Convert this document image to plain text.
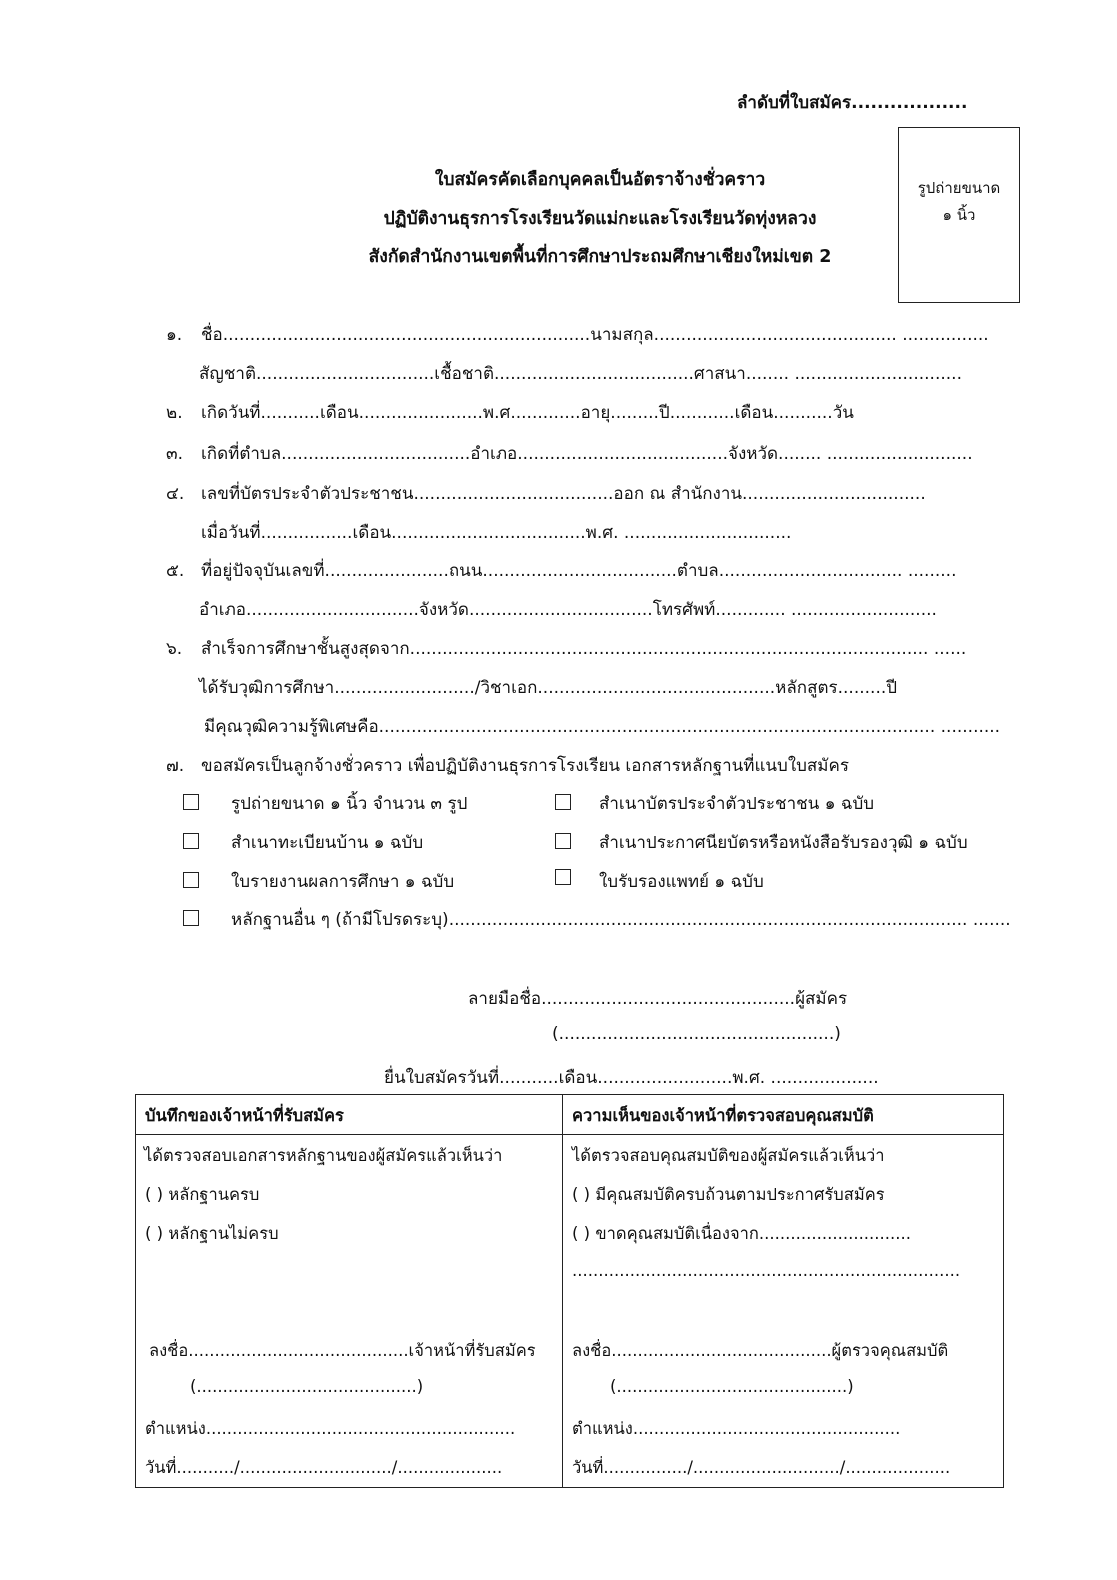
ลำดับที่ใบสมัคร..................
ใบสมัครคัดเลือกบุคคลเป็นอัตราจ้างชั่วคราว
ปฏิบัติงานธุรการโรงเรียนวัดแม่กะและโรงเรียนวัดทุ่งหลวง
สังกัดสำนักงานเขตพื้นที่การศึกษาประถมศึกษาเชียงใหม่เขต 2
รูปถ่ายขนาด
๑ นิ้ว
๑. ชื่อ....................................................................นามสกุล............................................. ................
สัญชาติ.................................เชื้อชาติ.....................................ศาสนา........ ...............................
๒. เกิดวันที่...........เดือน.......................พ.ศ.............อายุ.........ปี............เดือน...........วัน
๓. เกิดที่ตำบล...................................อำเภอ.......................................จังหวัด........ ...........................
๔. เลขที่บัตรประจำตัวประชาชน.....................................ออก ณ สำนักงาน..................................
เมื่อวันที่.................เดือน....................................พ.ศ. ...............................
๕. ที่อยู่ปัจจุบันเลขที่.......................ถนน....................................ตำบล.................................. .........
อำเภอ................................จังหวัด..................................โทรศัพท์............. ...........................
๖. สำเร็จการศึกษาชั้นสูงสุดจาก................................................................................................ ......
ได้รับวุฒิการศึกษา........................../วิชาเอก............................................หลักสูตร.........ปี
มีคุณวุฒิความรู้พิเศษคือ....................................................................................................... ...........
๗. ขอสมัครเป็นลูกจ้างชั่วคราว เพื่อปฏิบัติงานธุรการโรงเรียน เอกสารหลักฐานที่แนบใบสมัคร
รูปถ่ายขนาด ๑ นิ้ว จำนวน ๓ รูป	สำเนาบัตรประจำตัวประชาชน ๑ ฉบับ
สำเนาทะเบียนบ้าน ๑ ฉบับ	สำเนาประกาศนียบัตรหรือหนังสือรับรองวุฒิ ๑ ฉบับ
ใบรายงานผลการศึกษา ๑ ฉบับ	ใบรับรองแพทย์ ๑ ฉบับ
หลักฐานอื่น ๆ (ถ้ามีโปรดระบุ)................................................................................................ .......
ลายมือชื่อ...............................................ผู้สมัคร
(...................................................)
ยื่นใบสมัครวันที่...........เดือน.........................พ.ศ. ....................
บันทึกของเจ้าหน้าที่รับสมัคร	ความเห็นของเจ้าหน้าที่ตรวจสอบคุณสมบัติ
ได้ตรวจสอบเอกสารหลักฐานของผู้สมัครแล้วเห็นว่า
( ) หลักฐานครบ
( ) หลักฐานไม่ครบ
ลงชื่อ..........................................เจ้าหน้าที่รับสมัคร
(..........................................)
ตำแหน่ง...........................................................
วันที่.........../............................./....................
ได้ตรวจสอบคุณสมบัติของผู้สมัครแล้วเห็นว่า
( ) มีคุณสมบัติครบถ้วนตามประกาศรับสมัคร
( ) ขาดคุณสมบัติเนื่องจาก.............................
..........................................................................
ลงชื่อ..........................................ผู้ตรวจคุณสมบัติ
(............................................)
ตำแหน่ง...................................................
วันที่................/............................/....................
